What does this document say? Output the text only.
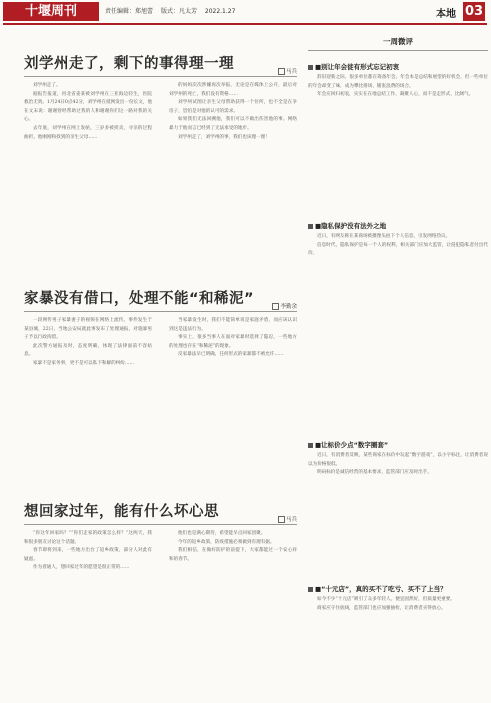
十堰周刊	责任编辑：郑旭蕾 版式：凡太芳 2022.1.27	本地 03
刘学州走了，剩下的事得理一理	马兵

刘学州走了。

据报告报道，河北省姜某被刘学州在三亚海边轻生，医院救治无效。1月24日0点42分，刘学州在抵网发出一份长文，他在文末说：谢谢曾经帮助过我的人和谢谢你们这一路对我的关心。

去年底，刘学州在网上发帖，三岁多被拐卖，寻亲的过程曲折。他刚刚和找到的亲生父母……

的妈妈次次涉嫌再次举报，无论是在媒体上公开，最后对刘学州的死亡，我们没有资格……

刘学州试图让亲生父母帮助获得一个住所，也不全是在争房子，恐怕是对他的认可的需求。

如果我们无法回溯他，我们可以不做出伤害他的事。网络暴力于他而言已经到了无法承受的地步。

刘学州走了，刘学州的事，我们也该理一理！

家暴没有借口，处理不能“和稀泥”	李勤余

一段网传男子家暴妻子的视频在网络上流传。事件发生于某县城，22日，当地公安局就此事发布了处理通报，对施暴男子予以行政拘留。

此次警方通报及时，态度明确，体现了法律面前不容姑息。

家暴不是家务事，更不是可以私下和解的纠纷……

当家暴发生时，我们不能简单说是家庭矛盾，而应该认识到这是违法行为。

事实上，很多当事人在面对家暴时选择了隐忍，一些地方的处理也存在“和稀泥”的现象。

反家暴法早已明确，任何形式的家暴都不被允许……

想回家过年，能有什么坏心思	马兵

“你这年回家吗？”“你们走家的政策怎么样？”这两天，我和很多朋友讨论这个话题。

春节即将到来，一些地方出台了返乡政策，部分人对此有疑虑。

作为普通人，想回家过年的愿望是很正常的……

他们也是满心期待，希望能早点回家团聚。

今年的返乡政策，防疫措施必须做到有理有据。

我们相信，在做好防护的前提下，大家都能过一个安心祥和的春节。

一周微评
■别让年会徒有形式忘记初衷

辞旧迎新之际，很多单位都在筹备年会。年会本是总结和展望的好机会，但一些单位的年会却变了味，成为攀比排场、铺张浪费的场合。

年会应回归初衷，实实在在地总结工作、凝聚人心，而不是走形式、比阔气。

■隐私保护没有法外之地

近日，有网友称在某商场被摄像头拍下个人信息，引发网络热议。

信息时代，隐私保护是每一个人的权利，相关部门应加大监管，让侵犯隐私者付出代价。

■让标价少点“数字圈套”

近日，有消费者反映，某些商家在标价中玩起“数字游戏”，以小字标注，让消费者误以为价格很低。

明码标价是诚信经营的基本要求，监管部门应及时出手。

■“十元店”，真的买不了吃亏、买不了上当？

如今不少“十元店”吸引了众多年轻人。便宜固然好，但质量更重要。

商家应守住底线，监管部门也应加强抽检，让消费者买得放心。
